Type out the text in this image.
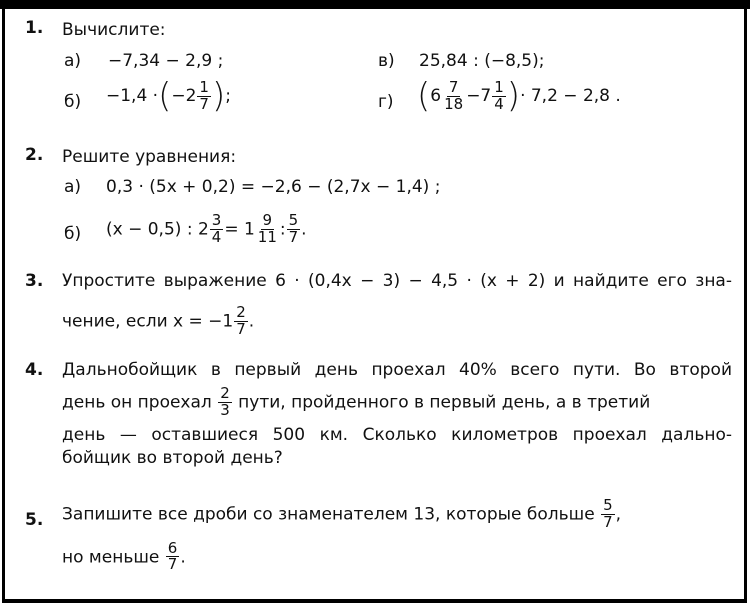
1. Вычислите:
а) −7,34 − 2,9 ;	в) 25,84 : (−8,5);
$б) -1,4 \cdot(-2 \frac{1}{7}$ );	г) ($6 \frac{7}{18} -7 \frac{1}{4}$ )· 7,2 − 2,8 .
2. Решите уравнения:
а) 0,3 · (5x + 0,2) = −2,6 − (2,7x − 1,4) ;
б) (x − 0,5) : $2 \frac{3}{4} = 1 \frac{9}{11}$ : $\frac{5}{7}$ .
3. Упростите выражение 6 · (0,4x − 3) − 4,5 · (x + 2) и найдите его зна-
чение, если $x = -1 \frac{2}{7}$ .
4. Дальнобойщик в первый день проехал 40% всего пути. Во второй
день он проехал $\frac{2}{3}$ пути, пройденного в первый день, а в третий
день — оставшиеся 500 км. Сколько километров проехал дально-
бойщик во второй день?
5. Запишите все дроби со знаменателем 13, которые больше $\frac{5}{7}$ ,
но меньше $\frac{6}{7}$ .
